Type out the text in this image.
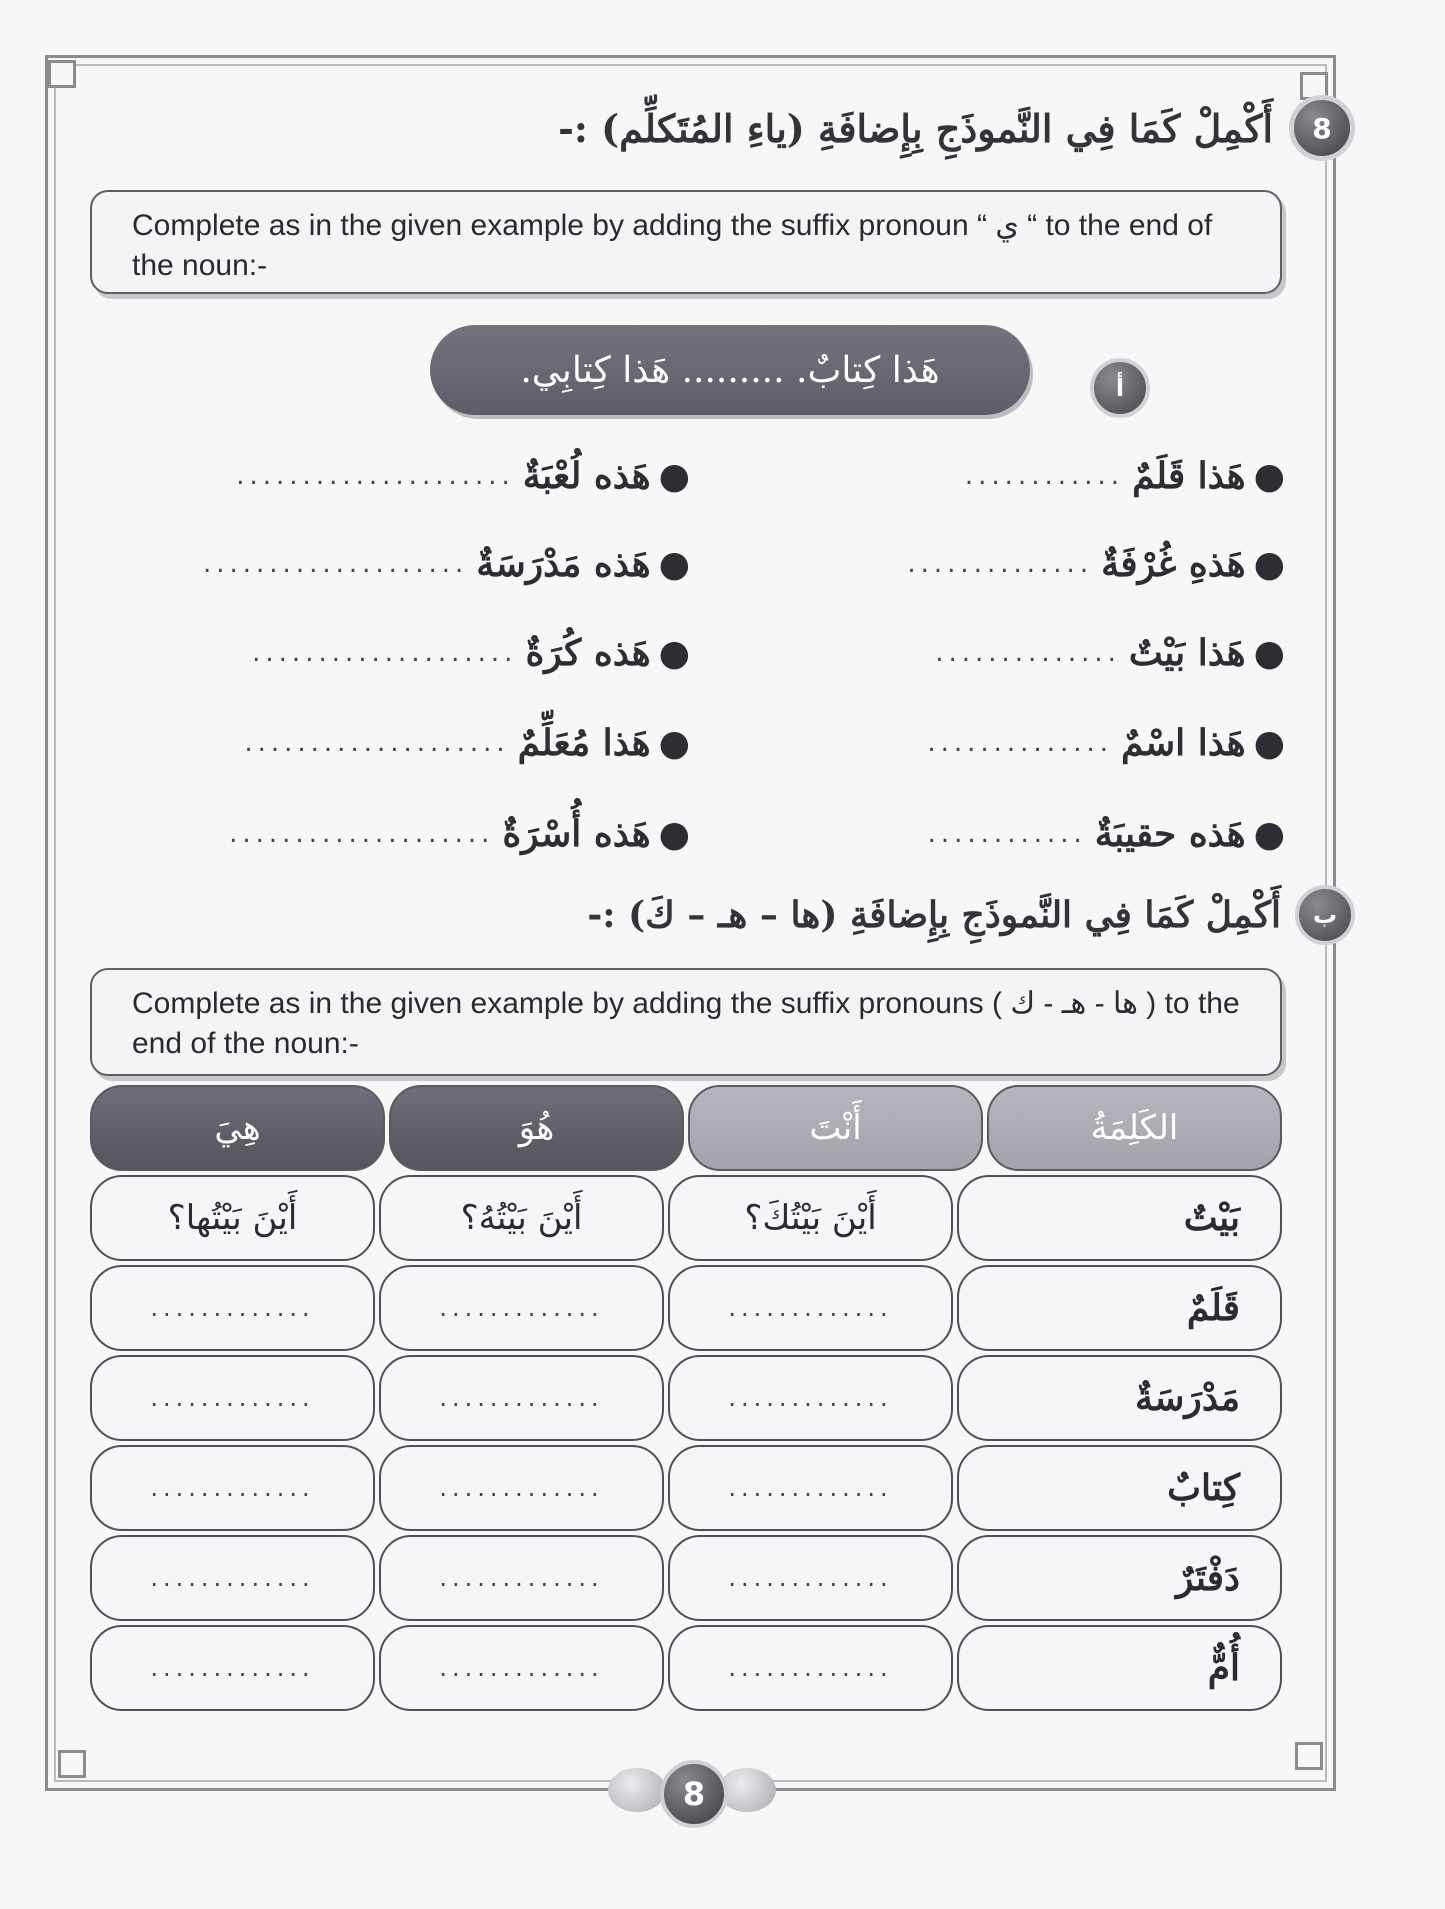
8
أَكْمِلْ كَمَا فِي النَّموذَجِ بِإِضافَةِ (ياءِ المُتَكلِّم) :-
Complete as in the given example by adding the suffix pronoun “ ي “ to the end of the noun:-
أ
هَذا كِتابٌ. ......... هَذا كِتابِي.
●
هَذا قَلَمٌ
............
●
هَذهِ غُرْفَةٌ
..............
●
هَذا بَيْتٌ
..............
●
هَذا اسْمٌ
..............
●
هَذه حقيبَةٌ
............
●
هَذه لُعْبَةٌ
.....................
●
هَذه مَدْرَسَةٌ
....................
●
هَذه كُرَةٌ
....................
●
هَذا مُعَلِّمٌ
....................
●
هَذه أُسْرَةٌ
....................
ب
أَكْمِلْ كَمَا فِي النَّموذَجِ بِإِضافَةِ (ها – هـ – كَ) :-
Complete as in the given example by adding the suffix pronouns ( ها - هـ - ك ) to the end of the noun:-
الكَلِمَةُ
أَنْتَ
هُوَ
هِيَ
بَيْتٌ
أَيْنَ بَيْتُكَ؟
أَيْنَ بَيْتُهُ؟
أَيْنَ بَيْتُها؟
قَلَمٌ
.............
.............
.............
مَدْرَسَةٌ
.............
.............
.............
كِتابٌ
.............
.............
.............
دَفْتَرٌ
.............
.............
.............
أُمٌّ
.............
.............
.............
8
